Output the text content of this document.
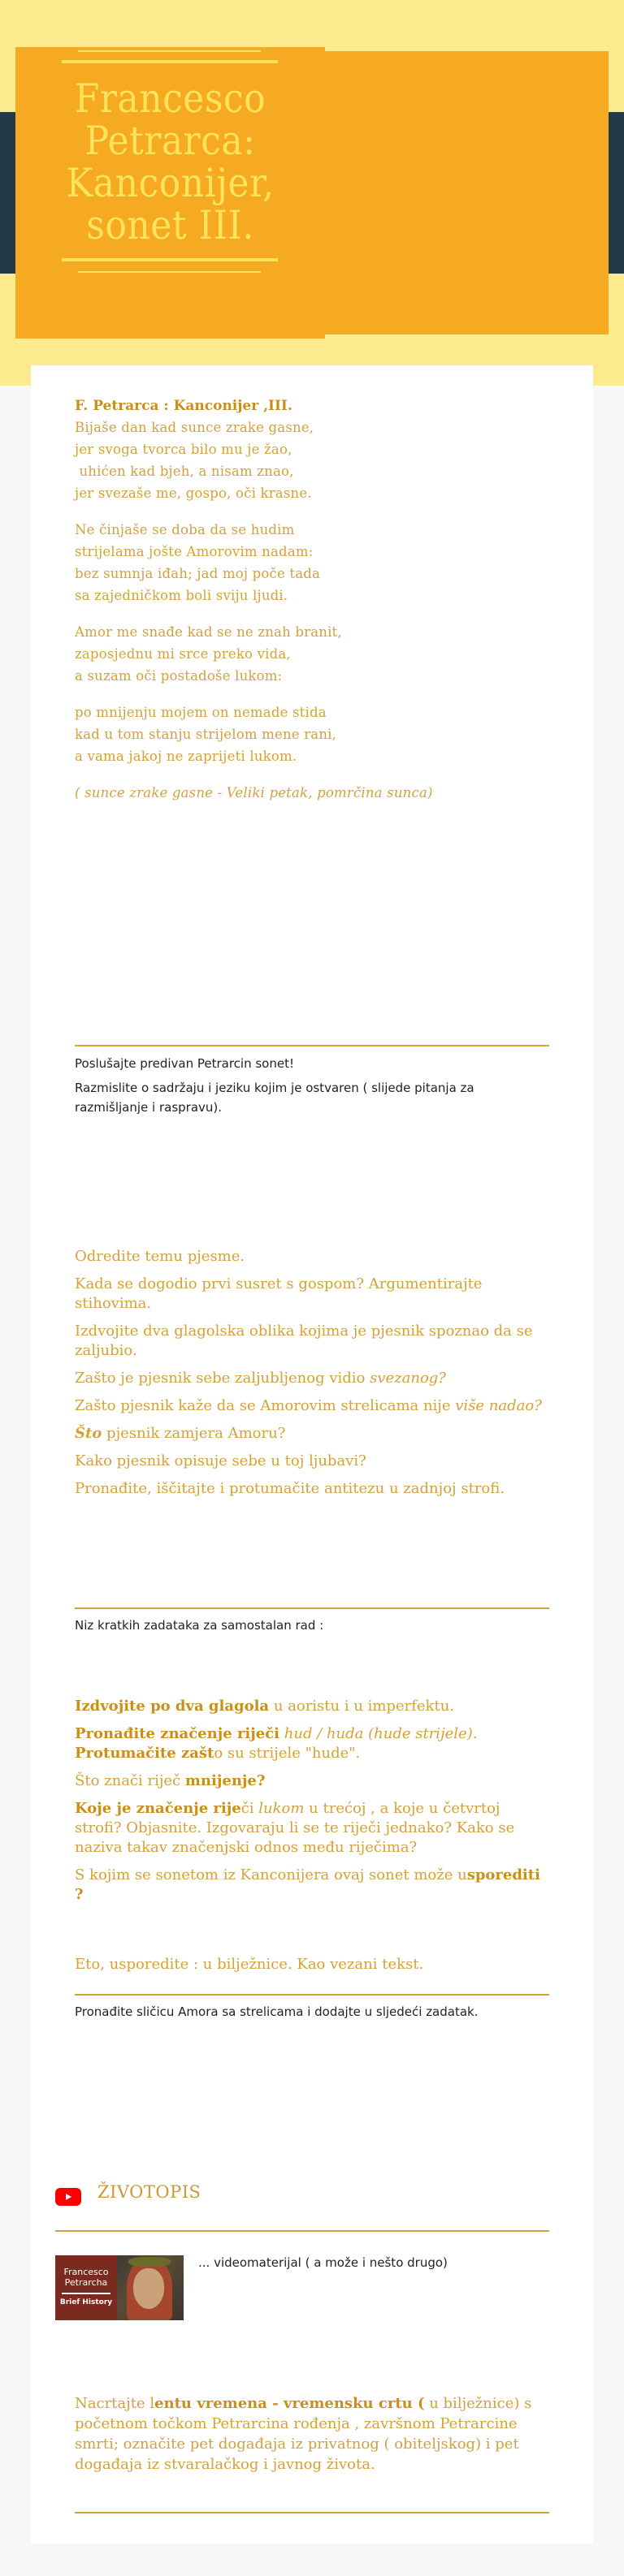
Francesco
Petrarca:
Kanconijer,
sonet III.
F. Petrarca : Kanconijer ,III.
Bijaše dan kad sunce zrake gasne,
jer svoga tvorca bilo mu je žao,
uhićen kad bjeh, a nisam znao,
jer svezaše me, gospo, oči krasne.
Ne činjaše se doba da se hudim
strijelama jošte Amorovim nadam:
bez sumnja iđah; jad moj poče tada
sa zajedničkom boli sviju ljudi.
Amor me snađe kad se ne znah branit,
zaposjednu mi srce preko vida,
a suzam oči postadoše lukom:
po mnijenju mojem on nemade stida
kad u tom stanju strijelom mene rani,
a vama jakoj ne zaprijeti lukom.
( sunce zrake gasne - Veliki petak, pomrčina sunca)

Poslušajte predivan Petrarcin sonet!

Razmislite o sadržaju i jeziku kojim je ostvaren ( slijede pitanja za razmišljanje i raspravu).

Odredite temu pjesme.

Kada se dogodio prvi susret s gospom? Argumentirajte stihovima.

Izdvojite dva glagolska oblika kojima je pjesnik spoznao da se zaljubio.

Zašto je pjesnik sebe zaljubljenog vidio svezanog?

Zašto pjesnik kaže da se Amorovim strelicama nije više nadao?

Što pjesnik zamjera Amoru?

Kako pjesnik opisuje sebe u toj ljubavi?

Pronađite, iščitajte i protumačite antitezu u zadnjoj strofi.

Niz kratkih zadataka za samostalan rad :

Izdvojite po dva glagola u aoristu i u imperfektu.

Pronađite značenje riječi hud / huda (hude strijele).
Protumačite zašto su strijele "hude".

Što znači riječ mnijenje?

Koje je značenje riječi lukom u trećoj , a koje u četvrtoj strofi? Objasnite. Izgovaraju li se te riječi jednako? Kako se naziva takav značenjski odnos među riječima?

S kojim se sonetom iz Kanconijera ovaj sonet može usporediti ?

Eto, usporedite : u bilježnice. Kao vezani tekst.
Pronađite sličicu Amora sa strelicama i dodajte u sljedeći zadatak.
ŽIVOTOPIS
Francesco
Petrarcha
Brief History
... videomaterijal ( a može i nešto drugo)
Nacrtajte lentu vremena - vremensku crtu ( u bilježnice) s početnom točkom Petrarcina rođenja , završnom Petrarcine smrti; označite pet događaja iz privatnog ( obiteljskog) i pet događaja iz stvaralačkog i javnog života.
